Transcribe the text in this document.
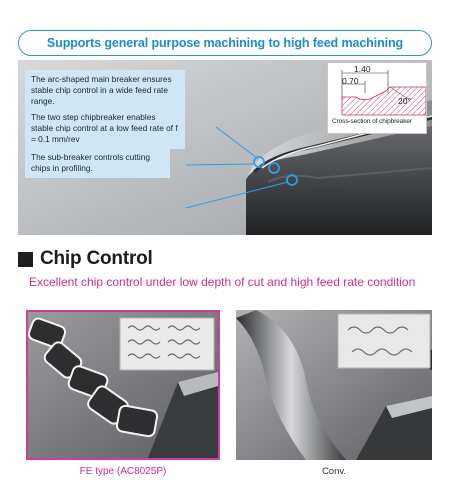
Supports general purpose machining to high feed machining
The arc-shaped main breaker ensures stable chip control in a wide feed rate range.
The two step chipbreaker enables stable chip control at a low feed rate of f = 0.1 mm/rev
The sub-breaker controls cutting chips in profiling.
1.40
0.70
20°
Cross-section of chipbreaker
Chip Control
Excellent chip control under low depth of cut and high feed rate condition
FE type (AC8025P)	Conv.
